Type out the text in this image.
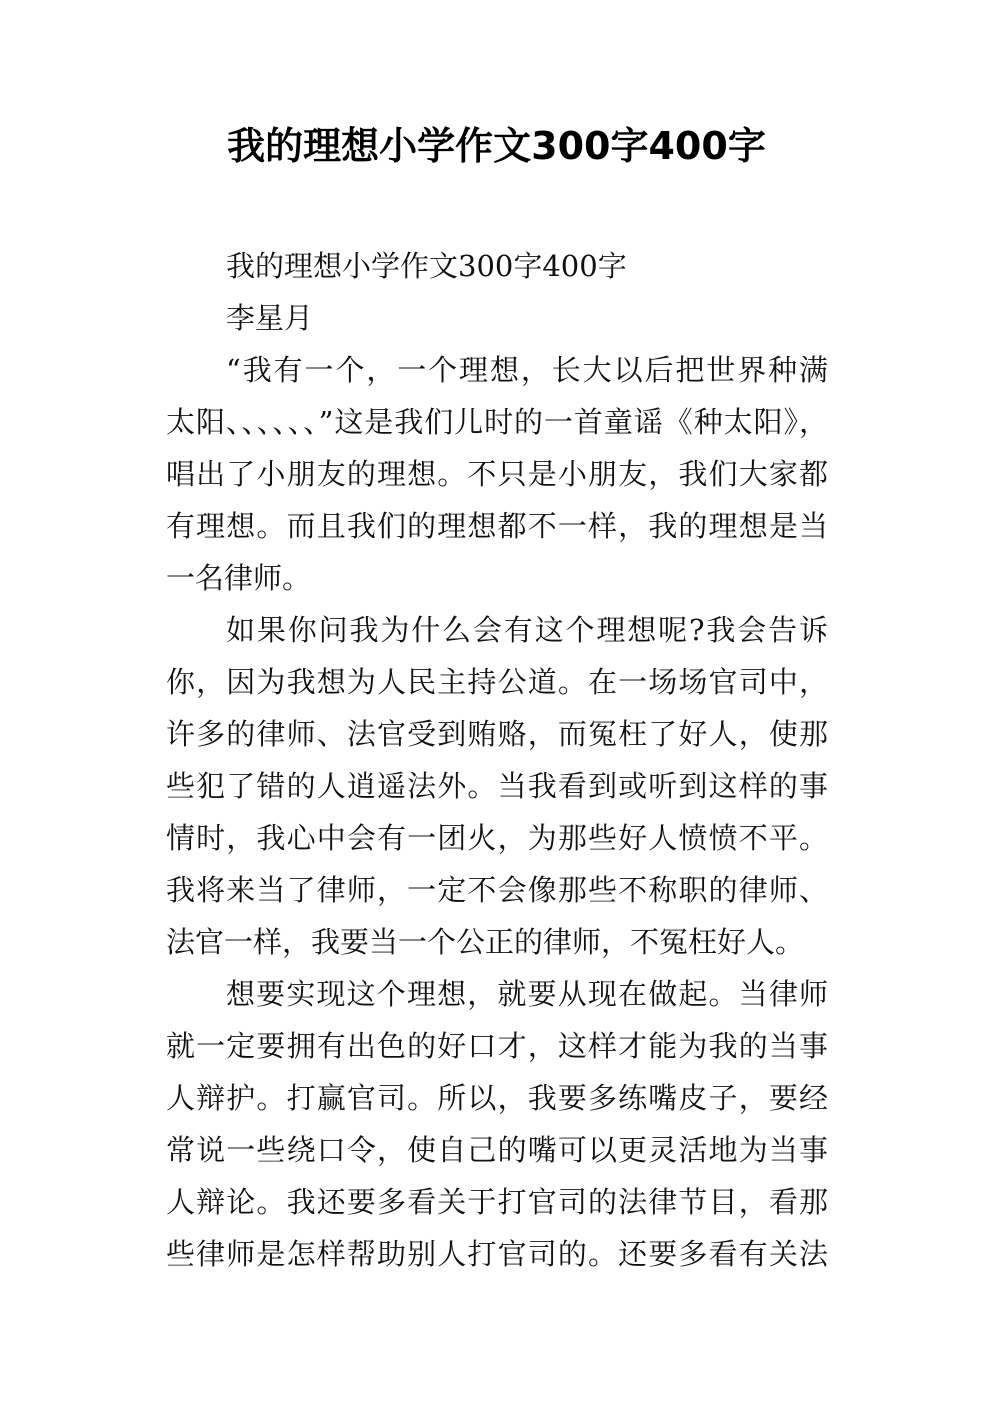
我的理想小学作文300字400字
我的理想小学作文300字400字
李星月
“我有一个，一个理想，长大以后把世界种满
太阳、、、、、、”这是我们儿时的一首童谣《种太阳》，
唱出了小朋友的理想。不只是小朋友，我们大家都
有理想。而且我们的理想都不一样，我的理想是当
一名律师。
如果你问我为什么会有这个理想呢?我会告诉
你，因为我想为人民主持公道。在一场场官司中，
许多的律师、法官受到贿赂，而冤枉了好人，使那
些犯了错的人逍遥法外。当我看到或听到这样的事
情时，我心中会有一团火，为那些好人愤愤不平。
我将来当了律师，一定不会像那些不称职的律师、
法官一样，我要当一个公正的律师，不冤枉好人。
想要实现这个理想，就要从现在做起。当律师
就一定要拥有出色的好口才，这样才能为我的当事
人辩护。打赢官司。所以，我要多练嘴皮子，要经
常说一些绕口令，使自己的嘴可以更灵活地为当事
人辩论。我还要多看关于打官司的法律节目，看那
些律师是怎样帮助别人打官司的。还要多看有关法
